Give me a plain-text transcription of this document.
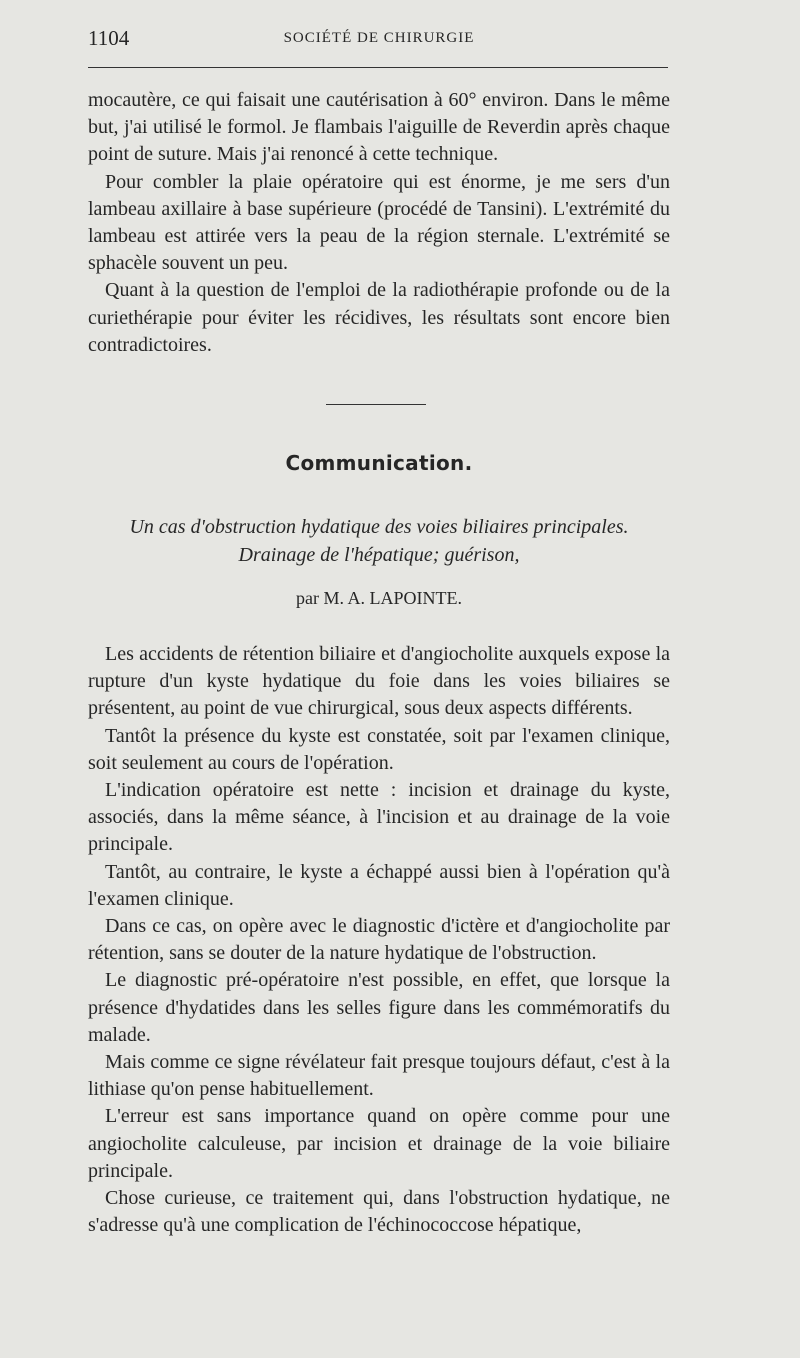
1104	SOCIÉTÉ DE CHIRURGIE

mocautère, ce qui faisait une cautérisation à 60° environ. Dans le même but, j'ai utilisé le formol. Je flambais l'aiguille de Reverdin après chaque point de suture. Mais j'ai renoncé à cette technique.

Pour combler la plaie opératoire qui est énorme, je me sers d'un lambeau axillaire à base supérieure (procédé de Tansini). L'extrémité du lambeau est attirée vers la peau de la région sternale. L'extrémité se sphacèle souvent un peu.

Quant à la question de l'emploi de la radiothérapie profonde ou de la curiethérapie pour éviter les récidives, les résultats sont encore bien contradictoires.

Communication.
Un cas d'obstruction hydatique des voies biliaires principales.
Drainage de l'hépatique; guérison,
par M. A. LAPOINTE.

Les accidents de rétention biliaire et d'angiocholite auxquels expose la rupture d'un kyste hydatique du foie dans les voies biliaires se présentent, au point de vue chirurgical, sous deux aspects différents.

Tantôt la présence du kyste est constatée, soit par l'examen clinique, soit seulement au cours de l'opération.

L'indication opératoire est nette : incision et drainage du kyste, associés, dans la même séance, à l'incision et au drainage de la voie principale.

Tantôt, au contraire, le kyste a échappé aussi bien à l'opération qu'à l'examen clinique.

Dans ce cas, on opère avec le diagnostic d'ictère et d'angiocholite par rétention, sans se douter de la nature hydatique de l'obstruction.

Le diagnostic pré-opératoire n'est possible, en effet, que lorsque la présence d'hydatides dans les selles figure dans les commémoratifs du malade.

Mais comme ce signe révélateur fait presque toujours défaut, c'est à la lithiase qu'on pense habituellement.

L'erreur est sans importance quand on opère comme pour une angiocholite calculeuse, par incision et drainage de la voie biliaire principale.

Chose curieuse, ce traitement qui, dans l'obstruction hydatique, ne s'adresse qu'à une complication de l'échinococcose hépatique,
